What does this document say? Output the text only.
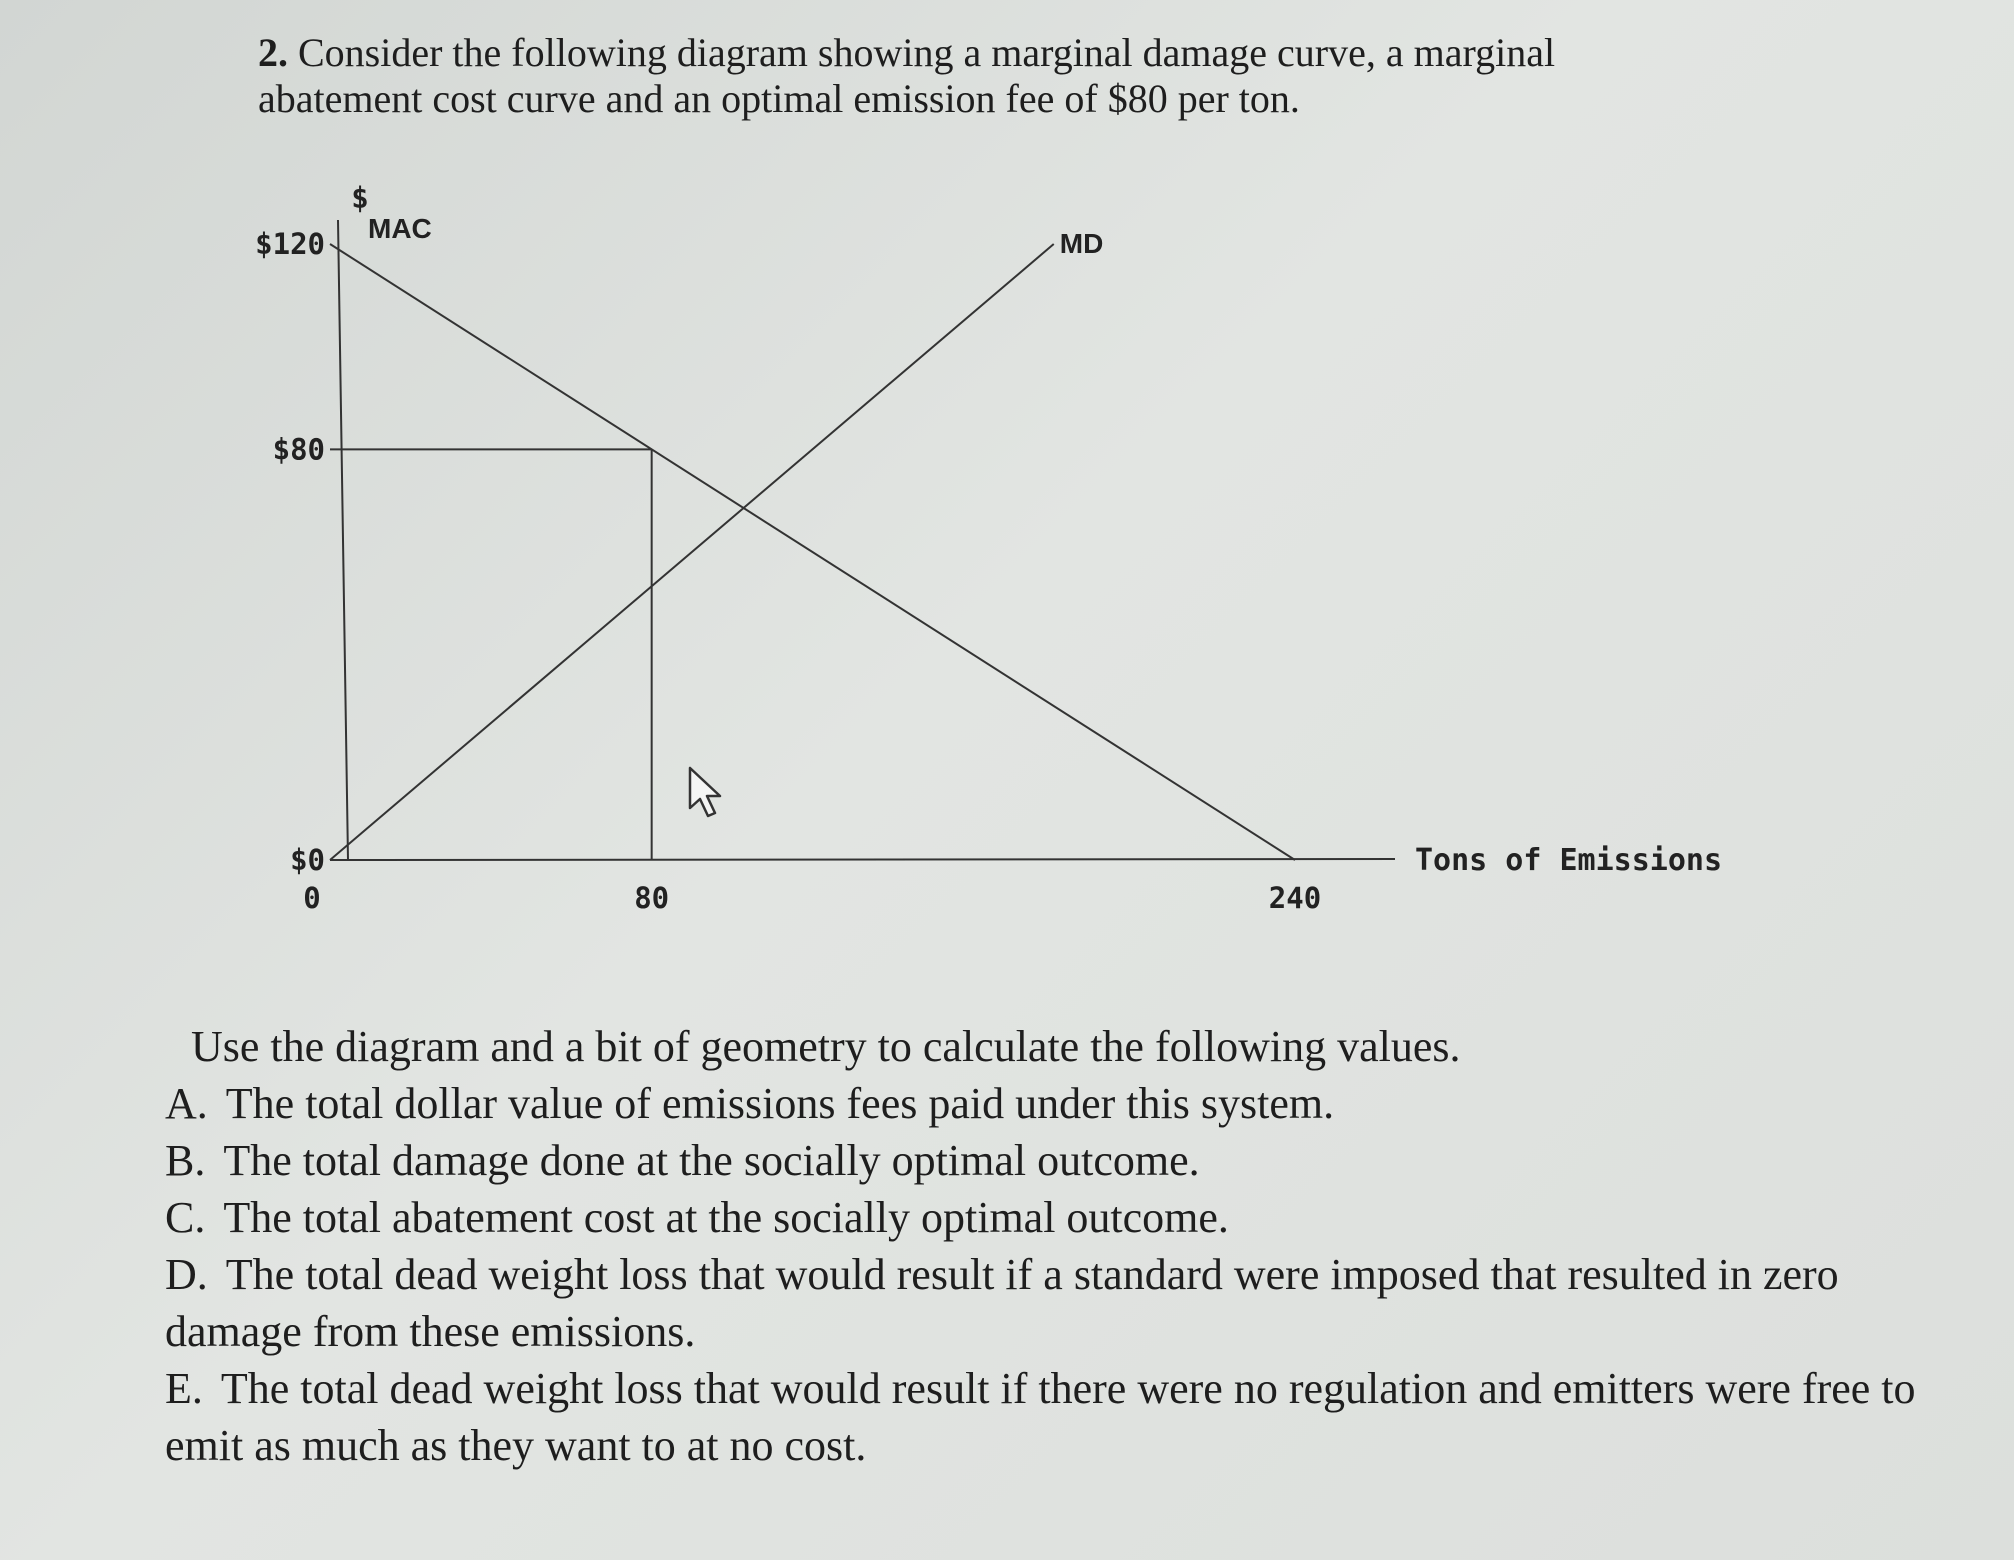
2. Consider the following diagram showing a marginal damage curve, a marginal abatement cost curve and an optimal emission fee of $80 per ton.
MAC	MD
$120
$80
$0
0	80	240
$
Tons of Emissions
Use the diagram and a bit of geometry to calculate the following values.
A. The total dollar value of emissions fees paid under this system.
B. The total damage done at the socially optimal outcome.
C. The total abatement cost at the socially optimal outcome.
D. The total dead weight loss that would result if a standard were imposed that resulted in zero damage from these emissions.
E. The total dead weight loss that would result if there were no regulation and emitters were free to emit as much as they want to at no cost.
